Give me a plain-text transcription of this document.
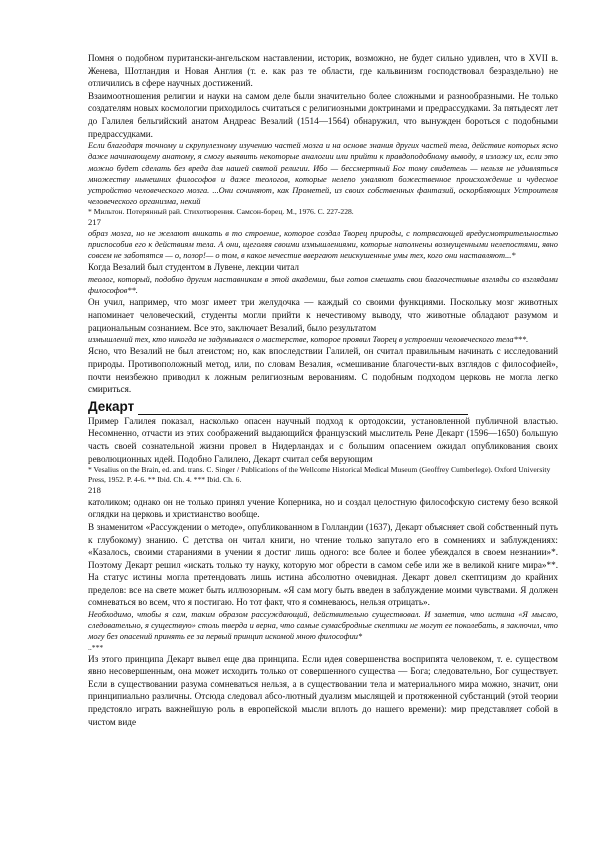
Помня о подобном пуритански-ангельском наставлении, историк, возможно, не будет сильно удивлен, что в XVII в. Женева, Шотландия и Новая Англия (т. е. как раз те области, где кальвинизм господствовал безраздельно) не отличились в сфере научных достижений.

Взаимоотношения религии и науки на самом деле были значительно более сложными и разнообразными. Не только создателям новых космологии приходилось считаться с религиозными доктринами и предрассудками. За пятьдесят лет до Галилея бельгийский анатом Андреас Везалий (1514—1564) обнаружил, что вынужден бороться с подобными предрассудками.

Если благодаря точному и скрупулезному изучению частей мозга и на основе знания других частей тела, действие которых ясно даже начинающему анатому, я смогу выявить некоторые аналогии или прийти к правдоподобному выводу, я изложу их, если это можно будет сделать без вреда для нашей святой религии. Ибо — бессмертный Бог тому свидетель — нельзя не удивляться множеству нынешних философов и даже теологов, которые нелепо умаляют божественное происхождение и чудесное устройство человеческого мозга. ...Они сочиняют, как Прометей, из своих собственных фантазий, оскорбляющих Устроителя человеческого организма, некий

* Мильтон. Потерянный рай. Стихотворения. Самсон-борец. М., 1976. С. 227-228.

217

образ мозга, но не желают вникать в то строение, которое создал Творец природы, с потрясающей вредусмотрительностью приспособив его к действиям тела. А они, щеголяя своими измышлениями, которые наполнены возмущенными нелепостями, явно совсем не заботятся — о, позор!— о том, в какое нечестие ввергают неискушенные умы тех, кого они наставляют...*

Когда Везалий был студентом в Лувене, лекции читал

теолог, который, подобно другим наставникам в этой академии, был готов смешать свои благочестивые взгляды со взглядами философов**.

Он учил, например, что мозг имеет три желудочка — каждый со своими функциями. Поскольку мозг животных напоминает человеческий, студенты могли прийти к нечестивому выводу, что животные обладают разумом и рациональным сознанием. Все это, заключает Везалий, было результатом

измышлений тех, кто никогда не задумывался о мастерстве, которое проявил Творец в устроении человеческого тела***.

Ясно, что Везалий не был атеистом; но, как впоследствии Галилей, он считал правильным начинать с исследований природы. Противоположный метод, или, по словам Везалия, «смешивание благочести-вых взглядов с философией», почти неизбежно приводил к ложным религиозным верованиям. С подобным подходом церковь не могла легко смириться.

Декарт

Пример Галилея показал, насколько опасен научный подход к ортодоксии, установленной публичной властью. Несомненно, отчасти из этих соображений выдающийся французский мыслитель Рене Декарт (1596—1650) большую часть своей сознательной жизни провел в Нидерландах и с большим опасением ожидал опубликования своих революционных идей. Подобно Галилею, Декарт считал себя верующим

* Vesalius on the Brain, ed. and. trans. C. Singer / Publications of the Wellcome Historical Medical Museum (Geoffrey Cumberlege). Oxford University Press, 1952. P. 4-6. ** Ibid. Ch. 4. *** Ibid. Ch. 6.

218

католиком; однако он не только принял учение Коперника, но и создал целостную философскую систему безо всякой оглядки на церковь и христианство вообще.

В знаменитом «Рассуждении о методе», опубликованном в Голландии (1637), Декарт объясняет свой собственный путь к глубокому) знанию. С детства он читал книги, но чтение только запутало его в сомнениях и заблуждениях: «Казалось, своими стараниями в учении я достиг лишь одного: все более и более убеждался в своем незнании»*. Поэтому Декарт решил «искать только ту науку, которую мог обрести в самом себе или же в великой книге мира»**. На статус истины могла претендовать лишь истина абсолютно очевидная. Декарт довел скептицизм до крайних пределов: все на свете может быть иллюзорным. «Я сам могу быть введен в заблуждение моими чувствами. Я должен сомневаться во всем, что я постигаю. Но тот факт, что я сомневаюсь, нельзя отрицать».

Необходимо, чтобы я сам, таким образом рассуждающий, действительно существовал. И заметив, что истина «Я мыслю, следовательно, я существую» столь тверда и верна, что самые сумасбродные скептики не могут ее поколебать, я заключил, что могу без опасений принять ее за первый принцип искомой мною философии*

..***

Из этого принципа Декарт вывел еще два принципа. Если идея совершенства восприпята человеком, т. е. существом явно несовершенным, она может исходить только от совершенного существа — Бога; следовательно, Бог существует. Если в существовании разума сомневаться нельзя, а в существовании тела и материального мира можно, значит, они принципиально различны. Отсюда следовал абсо-лютный дуализм мыслящей и протяженной субстанций (этой теории предстояло играть важнейшую роль в европейской мысли вплоть до нашего времени): мир представляет собой в чистом виде
